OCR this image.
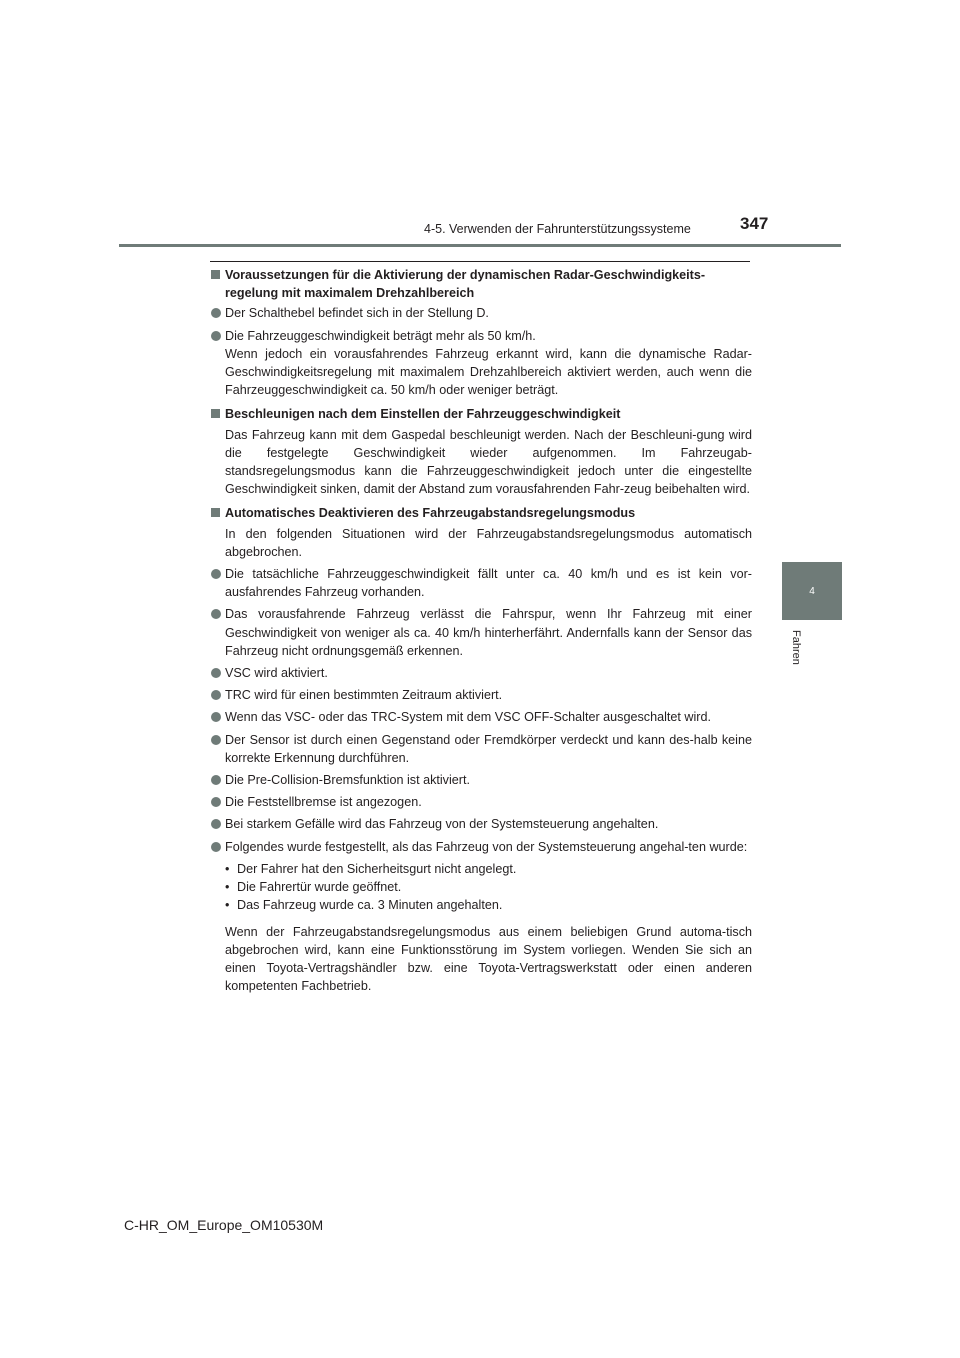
4-5. Verwenden der Fahrunterstützungssysteme	347
4
Fahren
Voraussetzungen für die Aktivierung der dynamischen Radar-Geschwindigkeits-regelung mit maximalem Drehzahlbereich
Der Schalthebel befindet sich in der Stellung D.
Die Fahrzeuggeschwindigkeit beträgt mehr als 50 km/h.
Wenn jedoch ein vorausfahrendes Fahrzeug erkannt wird, kann die dynamische Radar-Geschwindigkeitsregelung mit maximalem Drehzahlbereich aktiviert werden, auch wenn die Fahrzeuggeschwindigkeit ca. 50 km/h oder weniger beträgt.
Beschleunigen nach dem Einstellen der Fahrzeuggeschwindigkeit
Das Fahrzeug kann mit dem Gaspedal beschleunigt werden. Nach der Beschleuni-gung wird die festgelegte Geschwindigkeit wieder aufgenommen. Im Fahrzeugab-standsregelungsmodus kann die Fahrzeuggeschwindigkeit jedoch unter die eingestellte Geschwindigkeit sinken, damit der Abstand zum vorausfahrenden Fahr-zeug beibehalten wird.
Automatisches Deaktivieren des Fahrzeugabstandsregelungsmodus
In den folgenden Situationen wird der Fahrzeugabstandsregelungsmodus automatisch abgebrochen.
Die tatsächliche Fahrzeuggeschwindigkeit fällt unter ca. 40 km/h und es ist kein vor-ausfahrendes Fahrzeug vorhanden.
Das vorausfahrende Fahrzeug verlässt die Fahrspur, wenn Ihr Fahrzeug mit einer Geschwindigkeit von weniger als ca. 40 km/h hinterherfährt. Andernfalls kann der Sensor das Fahrzeug nicht ordnungsgemäß erkennen.
VSC wird aktiviert.
TRC wird für einen bestimmten Zeitraum aktiviert.
Wenn das VSC- oder das TRC-System mit dem VSC OFF-Schalter ausgeschaltet wird.
Der Sensor ist durch einen Gegenstand oder Fremdkörper verdeckt und kann des-halb keine korrekte Erkennung durchführen.
Die Pre-Collision-Bremsfunktion ist aktiviert.
Die Feststellbremse ist angezogen.
Bei starkem Gefälle wird das Fahrzeug von der Systemsteuerung angehalten.
Folgendes wurde festgestellt, als das Fahrzeug von der Systemsteuerung angehal-ten wurde:
• Der Fahrer hat den Sicherheitsgurt nicht angelegt.
• Die Fahrertür wurde geöffnet.
• Das Fahrzeug wurde ca. 3 Minuten angehalten.
Wenn der Fahrzeugabstandsregelungsmodus aus einem beliebigen Grund automa-tisch abgebrochen wird, kann eine Funktionsstörung im System vorliegen. Wenden Sie sich an einen Toyota-Vertragshändler bzw. eine Toyota-Vertragswerkstatt oder einen anderen kompetenten Fachbetrieb.
C-HR_OM_Europe_OM10530M
